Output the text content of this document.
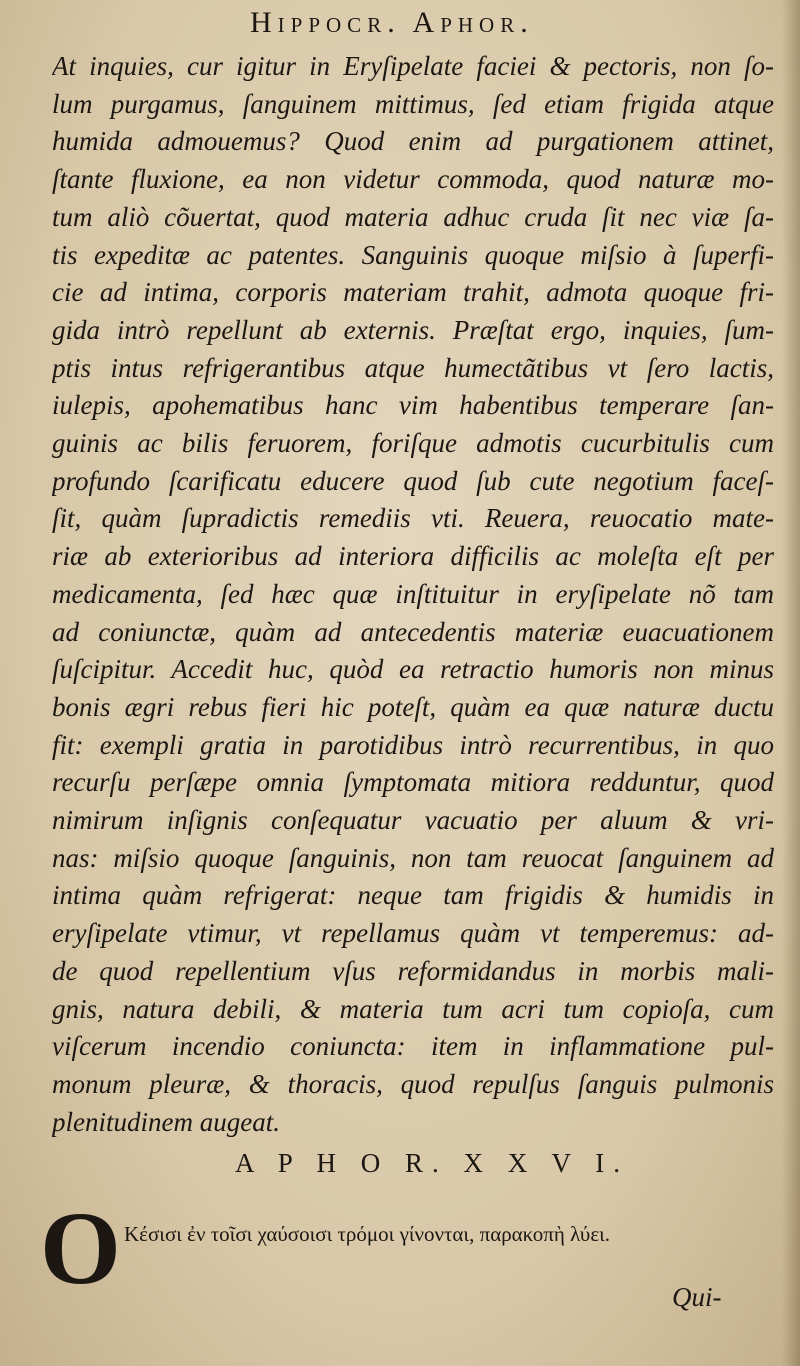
Hippocr. Aphor.
At inquies, cur igitur in Eryſipelate faciei & pectoris, non ſo-
lum purgamus, ſanguinem mittimus, ſed etiam frigida atque
humida admouemus? Quod enim ad purgationem attinet,
ſtante fluxione, ea non videtur commoda, quod naturæ mo-
tum aliò cõuertat, quod materia adhuc cruda ſit nec viæ ſa-
tis expeditæ ac patentes. Sanguinis quoque miſsio à ſuperfi-
cie ad intima, corporis materiam trahit, admota quoque fri-
gida intrò repellunt ab externis. Præſtat ergo, inquies, ſum-
ptis intus refrigerantibus atque humectãtibus vt ſero lactis,
iulepis, apohematibus hanc vim habentibus temperare ſan-
guinis ac bilis feruorem, foriſque admotis cucurbitulis cum
profundo ſcarificatu educere quod ſub cute negotium faceſ-
ſit, quàm ſupradictis remediis vti. Reuera, reuocatio mate-
riæ ab exterioribus ad interiora difficilis ac moleſta eſt per
medicamenta, ſed hæc quæ inſtituitur in eryſipelate nõ tam
ad coniunctæ, quàm ad antecedentis materiæ euacuationem
ſuſcipitur. Accedit huc, quòd ea retractio humoris non minus
bonis ægri rebus fieri hic poteſt, quàm ea quæ naturæ ductu
fit: exempli gratia in parotidibus intrò recurrentibus, in quo
recurſu perſæpe omnia ſymptomata mitiora redduntur, quod
nimirum inſignis conſequatur vacuatio per aluum & vri-
nas: miſsio quoque ſanguinis, non tam reuocat ſanguinem ad
intima quàm refrigerat: neque tam frigidis & humidis in
eryſipelate vtimur, vt repellamus quàm vt temperemus: ad-
de quod repellentium vſus reformidandus in morbis mali-
gnis, natura debili, & materia tum acri tum copioſa, cum
viſcerum incendio coniuncta: item in inflammatione pul-
monum pleuræ, & thoracis, quod repulſus ſanguis pulmonis
plenitudinem augeat.
A P H O R. X X V I.
O Κέσισι ἐν τοῖσι χαύσοισι τρόμοι γίνονται, παρακοπὴ λύει.
Qui-
